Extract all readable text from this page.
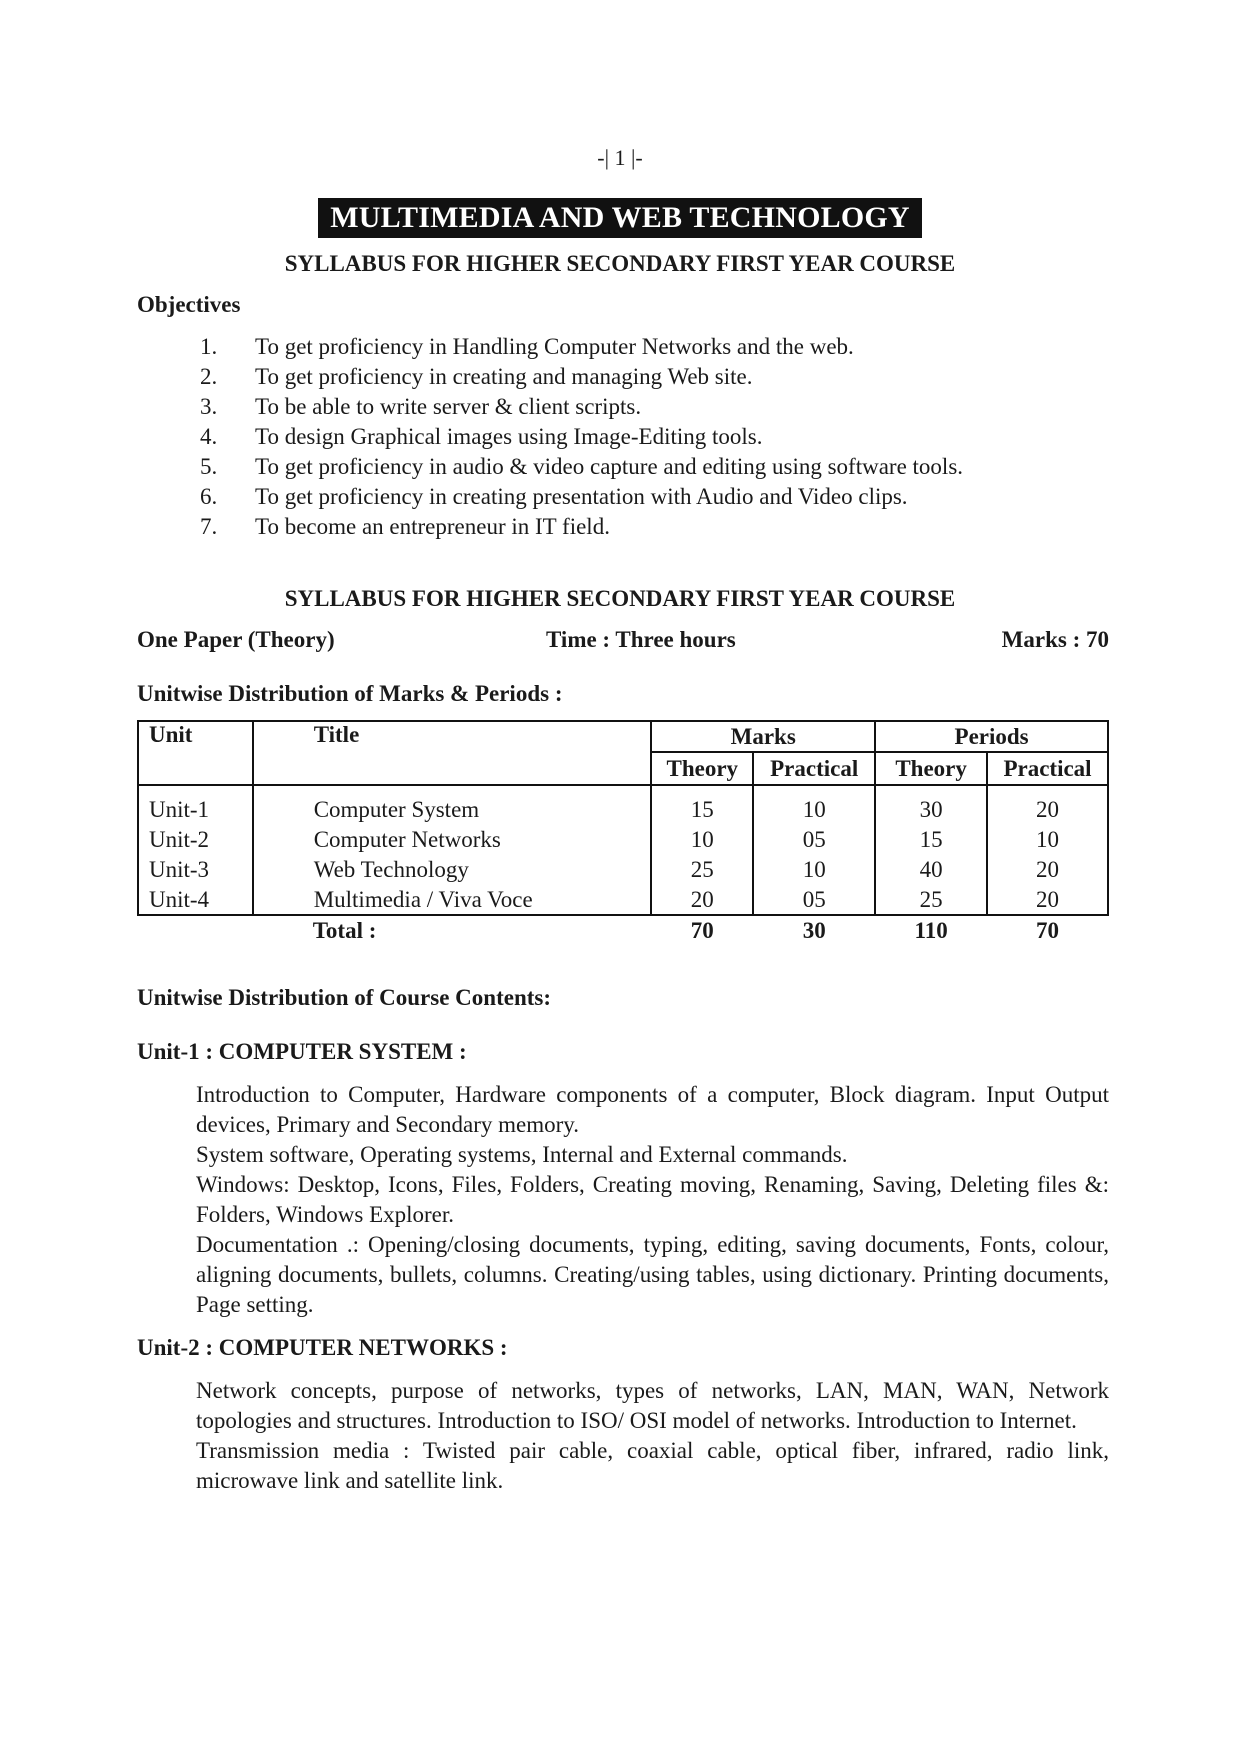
-| 1 |-
MULTIMEDIA AND WEB TECHNOLOGY
SYLLABUS FOR HIGHER SECONDARY FIRST YEAR COURSE
Objectives
1.	To get proficiency in Handling Computer Networks and the web.
2.	To get proficiency in creating and managing Web site.
3.	To be able to write server & client scripts.
4.	To design Graphical images using Image-Editing tools.
5.	To get proficiency in audio & video capture and editing using software tools.
6.	To get proficiency in creating presentation with Audio and Video clips.
7.	To become an entrepreneur in IT field.
SYLLABUS FOR HIGHER SECONDARY FIRST YEAR COURSE
One Paper (Theory)	Time : Three hours	Marks : 70
Unitwise Distribution of Marks & Periods :
Unit	Title	Marks		Periods	
		Theory	Practical	Theory	Practical

Unit-1	Computer System	15	10	30	20
Unit-2	Computer Networks	10	05	15	10
Unit-3	Web Technology	25	10	40	20
Unit-4	Multimedia / Viva Voce	20	05	25	20
	Total :	70	30	110	70
Unitwise Distribution of Course Contents:
Unit-1 : COMPUTER SYSTEM :

Introduction to Computer, Hardware components of a computer, Block diagram. Input Output devices, Primary and Secondary memory.

System software, Operating systems, Internal and External commands.

Windows: Desktop, Icons, Files, Folders, Creating moving, Renaming, Saving, Deleting files &: Folders, Windows Explorer.

Documentation .: Opening/closing documents, typing, editing, saving documents, Fonts, colour, aligning documents, bullets, columns. Creating/using tables, using dictionary. Printing documents, Page setting.

Unit-2 : COMPUTER NETWORKS :

Network concepts, purpose of networks, types of networks, LAN, MAN, WAN, Network topologies and structures. Introduction to ISO/ OSI model of networks. Introduction to Internet.

Transmission media : Twisted pair cable, coaxial cable, optical fiber, infrared, radio link, microwave link and satellite link.
